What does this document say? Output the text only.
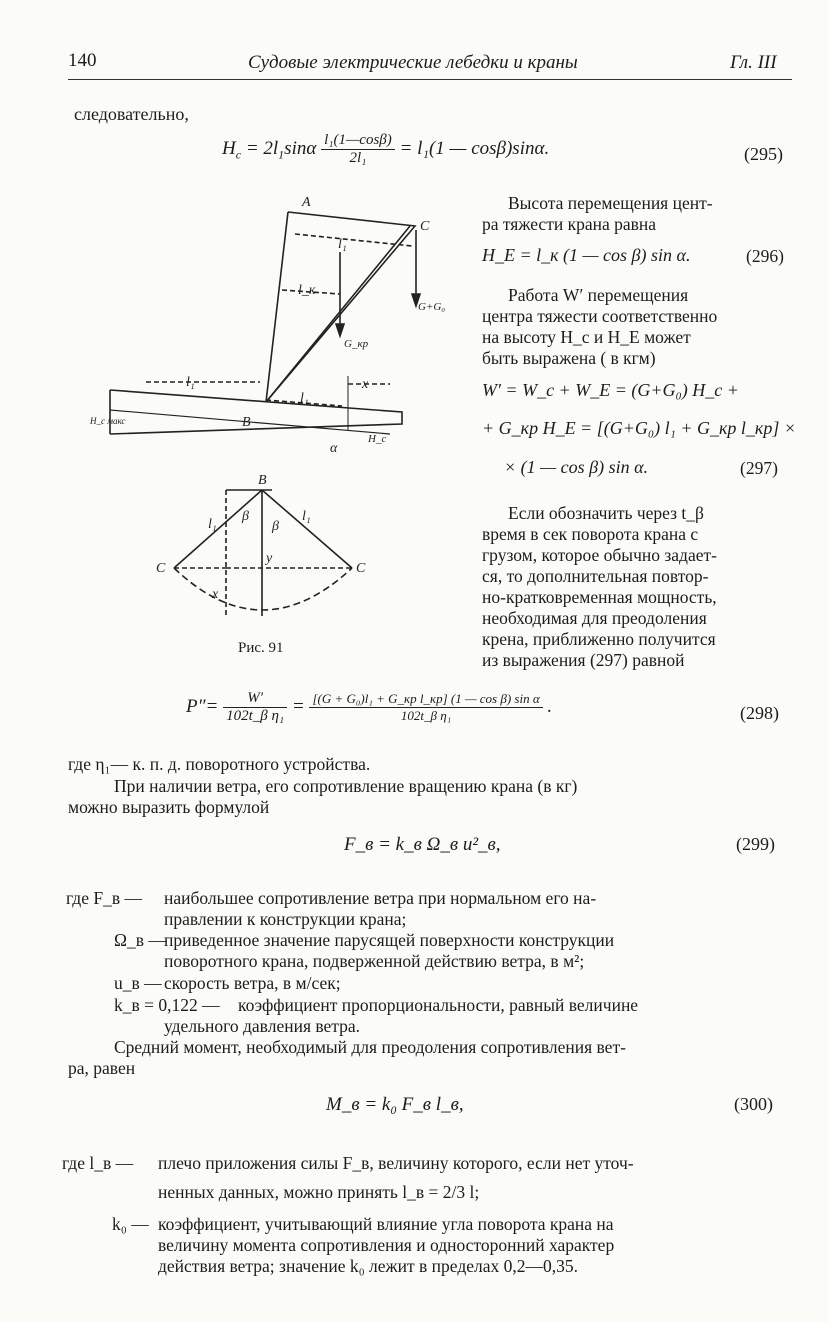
140	Судовые электрические лебедки и краны	Гл. III
следовательно,
$H_c = 2l_1\sin\alpha \frac{\text{l₁(1—cosβ)}}{\text{2l₁}} = l_1(1$ — cosβ)sinα.	(295)
Высота перемещения цент-
ра тяжести крана равна
H_E = l_к (1 — cos β) sin α.	(296)
Работа W′ перемещения
центра тяжести соответственно
на высоту H_c и H_E может
быть выражена ( в кгм)
W′ = W_c + W_E = (G+G₀) H_c +
+ G_кр H_E = [(G+G₀) l₁ + G_кр l_кр] ×
× (1 — cos β) sin α.	(297)
Если обозначить через t_β
время в сек поворота крана с
грузом, которое обычно задает-
ся, то дополнительная повтор-
но-кратковременная мощность,
необходимая для преодоления
крена, приближенно получится
из выражения (297) равной
A
C
l₁
l_к
G+G₀
G_кр
l₁
l₁
x
H_c макс	B
α
H_c
B
l₁
l₁
β
β
y
x
C	C
Рис. 91
$P''= \frac{W'}{\text{102t\_β η₁}} = \frac{\text{[(G + G₀)l₁ + G\_кр l\_кр] (1 — cos β) sin α}}{\text{102t\_β η₁}}$ .	(298)
где η₁— к. п. д. поворотного устройства.
При наличии ветра, его сопротивление вращению крана (в кг)
можно выразить формулой
F_в = k_в Ω_в u²_в,	(299)
где F_в — наибольшее сопротивление ветра при нормальном его на-
правлении к конструкции крана;
Ω_в —
приведенное значение парусящей поверхности конструкции
поворотного крана, подверженной действию ветра, в м²;
u_в — скорость ветра, в м/сек;
k_в = 0,122 — коэффициент пропорциональности, равный величине
удельного давления ветра.
Средний момент, необходимый для преодоления сопротивления вет-
ра, равен
M_в = k₀ F_в l_в,	(300)
где l_в — плечо приложения силы F_в, величину которого, если нет уточ-
ненных данных, можно принять l_в = 2/3 l;
k₀ — коэффициент, учитывающий влияние угла поворота крана на
величину момента сопротивления и односторонний характер
действия ветра; значение k₀ лежит в пределах 0,2—0,35.
